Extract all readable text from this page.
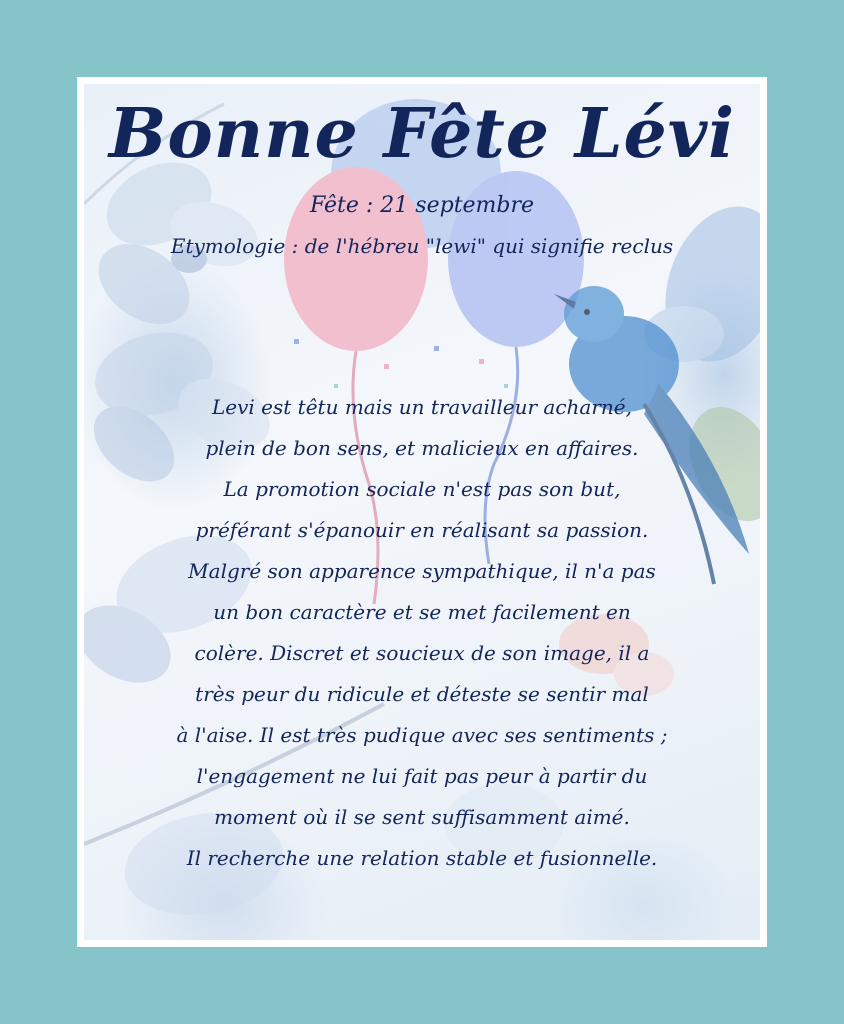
Bonne Fête Lévi

Fête : 21 septembre

Etymologie : de l'hébreu "lewi" qui signifie reclus

Levi est têtu mais un travailleur acharné,
plein de bon sens, et malicieux en affaires.
La promotion sociale n'est pas son but,
préférant s'épanouir en réalisant sa passion.
Malgré son apparence sympathique, il n'a pas
un bon caractère et se met facilement en
colère. Discret et soucieux de son image, il a
très peur du ridicule et déteste se sentir mal
à l'aise. Il est très pudique avec ses sentiments ;
l'engagement ne lui fait pas peur à partir du
moment où il se sent suffisamment aimé.
Il recherche une relation stable et fusionnelle.
